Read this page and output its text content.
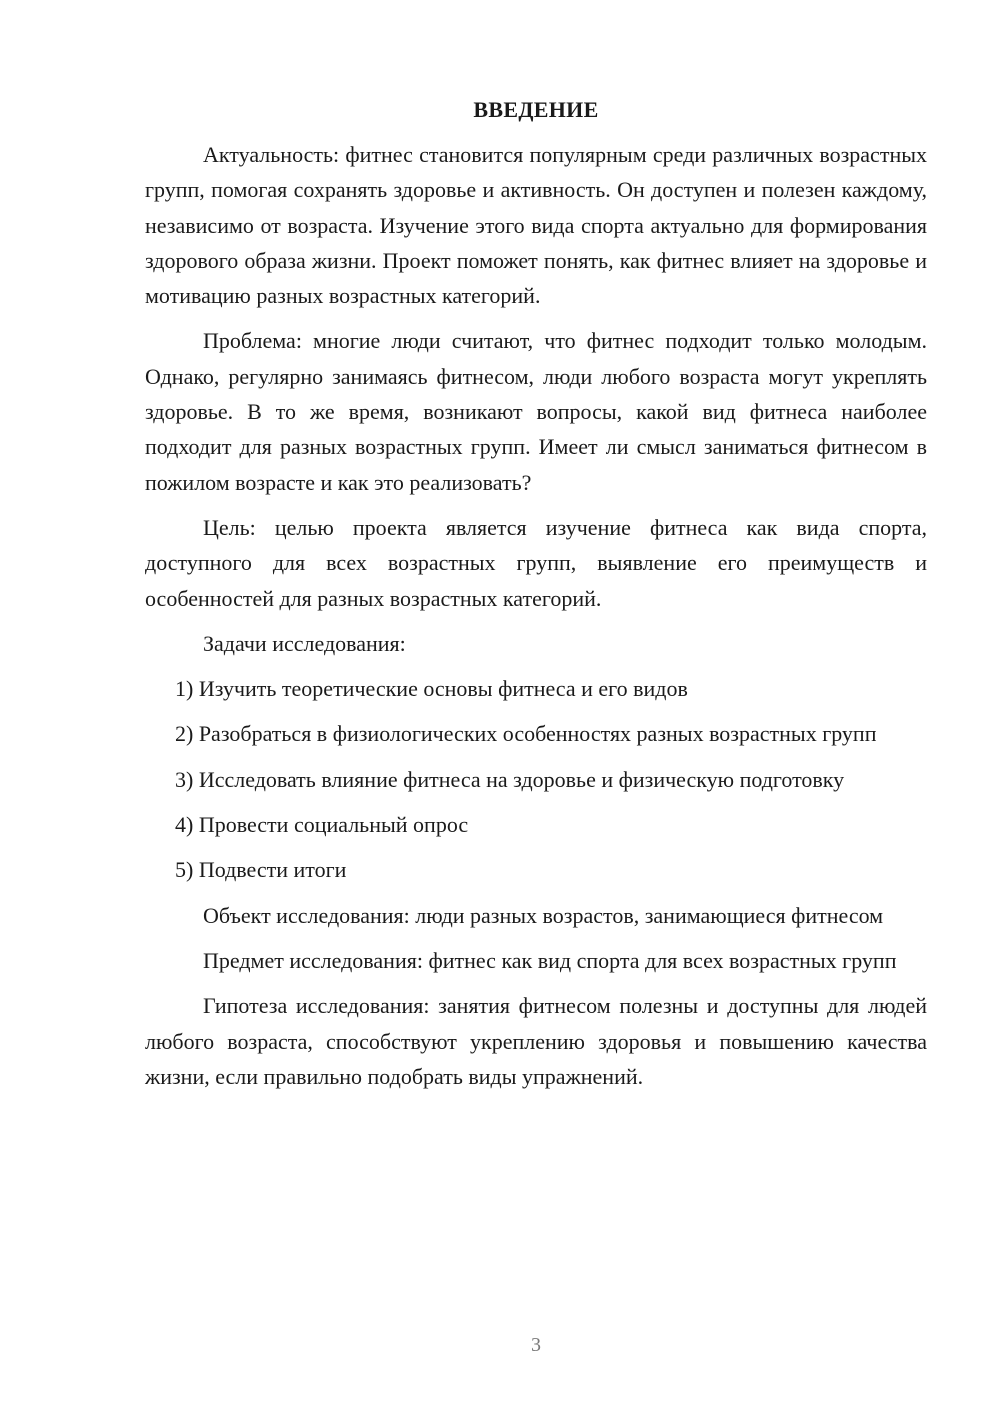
ВВЕДЕНИЕ

Актуальность: фитнес становится популярным среди различных возрастных групп, помогая сохранять здоровье и активность. Он доступен и полезен каждому, независимо от возраста. Изучение этого вида спорта актуально для формирования здорового образа жизни. Проект поможет понять, как фитнес влияет на здоровье и мотивацию разных возрастных категорий.

Проблема: многие люди считают, что фитнес подходит только молодым. Однако, регулярно занимаясь фитнесом, люди любого возраста могут укреплять здоровье. В то же время, возникают вопросы, какой вид фитнеса наиболее подходит для разных возрастных групп. Имеет ли смысл заниматься фитнесом в пожилом возрасте и как это реализовать?

Цель: целью проекта является изучение фитнеса как вида спорта, доступного для всех возрастных групп, выявление его преимуществ и особенностей для разных возрастных категорий.

Задачи исследования:

1) Изучить теоретические основы фитнеса и его видов

2) Разобраться в физиологических особенностях разных возрастных групп

3) Исследовать влияние фитнеса на здоровье и физическую подготовку

4) Провести социальный опрос

5) Подвести итоги

Объект исследования: люди разных возрастов, занимающиеся фитнесом

Предмет исследования: фитнес как вид спорта для всех возрастных групп

Гипотеза исследования: занятия фитнесом полезны и доступны для людей любого возраста, способствуют укреплению здоровья и повышению качества жизни, если правильно подобрать виды упражнений.

3
